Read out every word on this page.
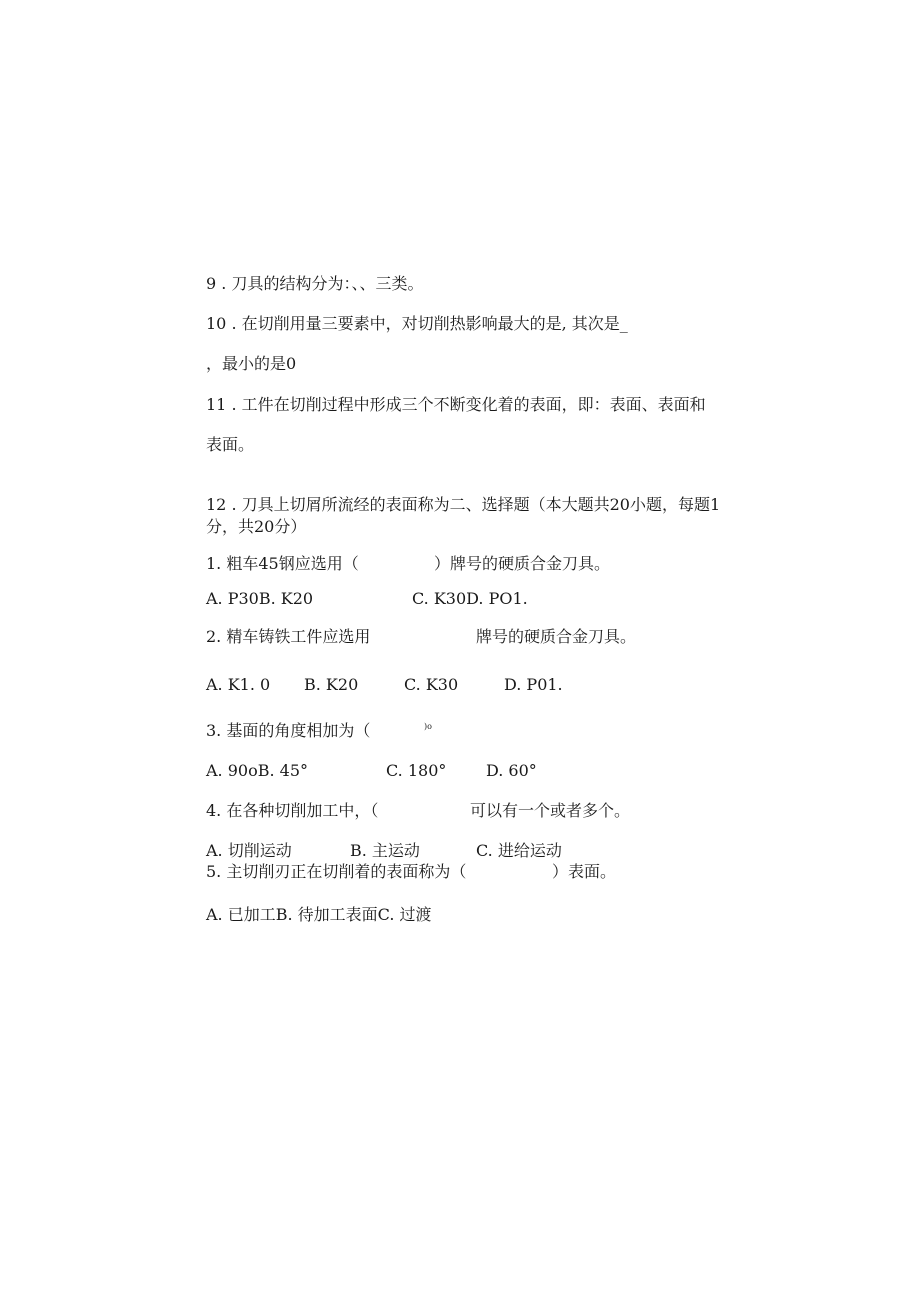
9 . 刀具的结构分为：、、三类。
10 . 在切削用量三要素中，对切削热影响最大的是, 其次是_
，最小的是0
11 . 工件在切削过程中形成三个不断变化着的表面，即：表面、表面和
表面。
12 . 刀具上切屑所流经的表面称为二、选择题（本大题共20小题，每题1
分，共20分）
1. 粗车45钢应选用（	）牌号的硬质合金刀具。
A. P30B. K20	C. K30D. PO1.
2. 精车铸铁工件应选用	牌号的硬质合金刀具。
A. K1. 0 B. K20	C. K30	D. P01.
3. 基面的角度相加为（	)o
A. 90oB. 45°	C. 180° D. 60°
4. 在各种切削加工中，（	可以有一个或者多个。
A. 切削运动	B. 主运动	C. 进给运动
5. 主切削刃正在切削着的表面称为（	）表面。
A. 已加工B. 待加工表面C. 过渡
